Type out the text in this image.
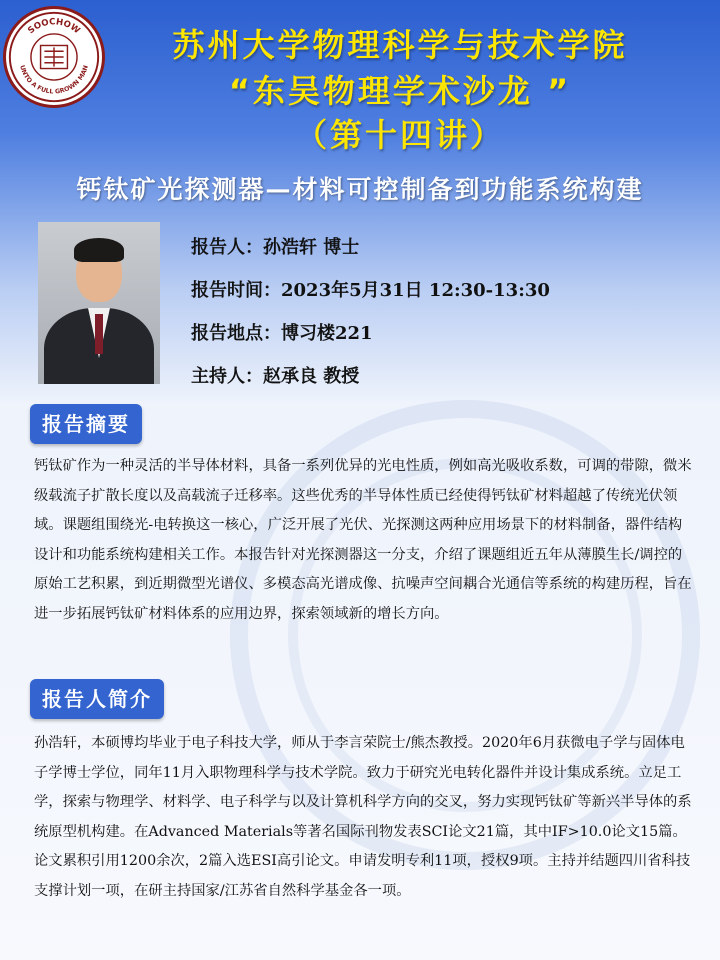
SOOCHOW
UNTO A FULL GROWN MAN
苏州大学物理科学与技术学院
“东吴物理学术沙龙 ”
（第十四讲）
钙钛矿光探测器—材料可控制备到功能系统构建
报告人：孙浩轩 博士
报告时间：2023年5月31日 12:30-13:30
报告地点：博习楼221
主持人：赵承良 教授
报告摘要
钙钛矿作为一种灵活的半导体材料，具备一系列优异的光电性质，例如高光吸收系数，可调的带隙，微米级载流子扩散长度以及高载流子迁移率。这些优秀的半导体性质已经使得钙钛矿材料超越了传统光伏领域。课题组围绕光-电转换这一核心，广泛开展了光伏、光探测这两种应用场景下的材料制备，器件结构设计和功能系统构建相关工作。本报告针对光探测器这一分支，介绍了课题组近五年从薄膜生长/调控的原始工艺积累，到近期微型光谱仪、多模态高光谱成像、抗噪声空间耦合光通信等系统的构建历程，旨在进一步拓展钙钛矿材料体系的应用边界，探索领域新的增长方向。
报告人简介
孙浩轩，本硕博均毕业于电子科技大学，师从于李言荣院士/熊杰教授。2020年6月获微电子学与固体电子学博士学位，同年11月入职物理科学与技术学院。致力于研究光电转化器件并设计集成系统。立足工学，探索与物理学、材料学、电子科学与以及计算机科学方向的交叉，努力实现钙钛矿等新兴半导体的系统原型机构建。在Advanced Materials等著名国际刊物发表SCI论文21篇，其中IF>10.0论文15篇。论文累积引用1200余次，2篇入选ESI高引论文。申请发明专利11项，授权9项。主持并结题四川省科技支撑计划一项，在研主持国家/江苏省自然科学基金各一项。
